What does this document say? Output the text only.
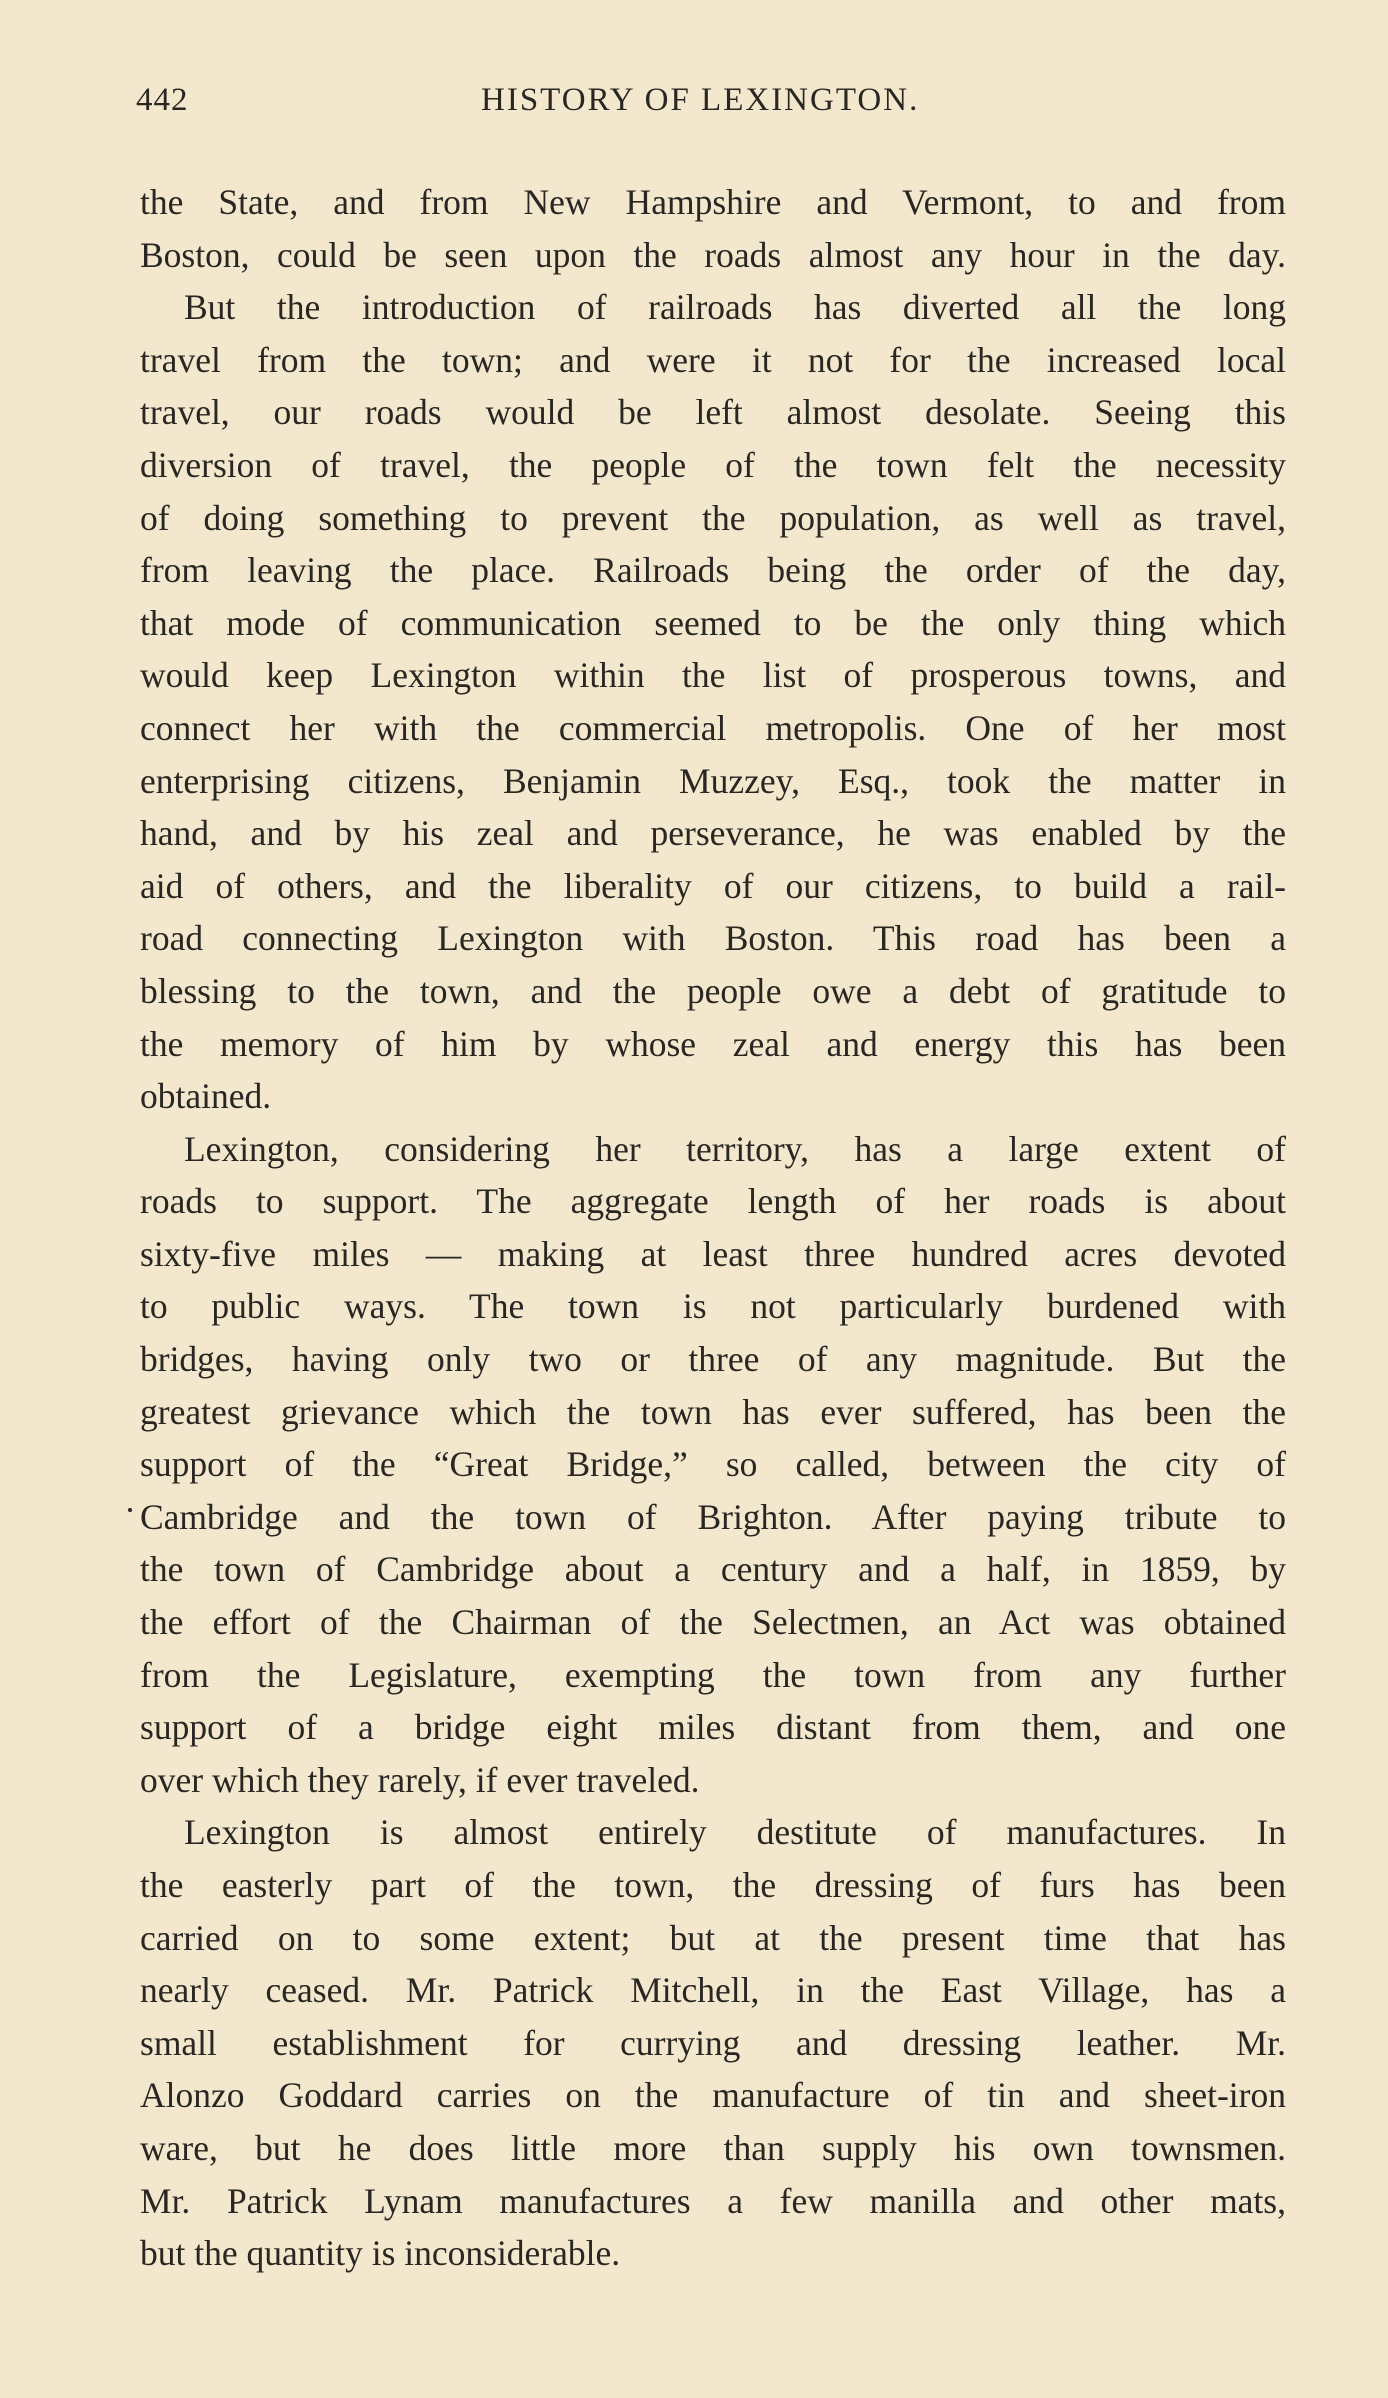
442	HISTORY OF LEXINGTON.
the State, and from New Hampshire and Vermont, to and from
Boston, could be seen upon the roads almost any hour in the day.
But the introduction of railroads has diverted all the long
travel from the town; and were it not for the increased local
travel, our roads would be left almost desolate. Seeing this
diversion of travel, the people of the town felt the necessity
of doing something to prevent the population, as well as travel,
from leaving the place. Railroads being the order of the day,
that mode of communication seemed to be the only thing which
would keep Lexington within the list of prosperous towns, and
connect her with the commercial metropolis. One of her most
enterprising citizens, Benjamin Muzzey, Esq., took the matter in
hand, and by his zeal and perseverance, he was enabled by the
aid of others, and the liberality of our citizens, to build a rail-
road connecting Lexington with Boston. This road has been a
blessing to the town, and the people owe a debt of gratitude to
the memory of him by whose zeal and energy this has been
obtained.
Lexington, considering her territory, has a large extent of
roads to support. The aggregate length of her roads is about
sixty-five miles — making at least three hundred acres devoted
to public ways. The town is not particularly burdened with
bridges, having only two or three of any magnitude. But the
greatest grievance which the town has ever suffered, has been the
support of the “Great Bridge,” so called, between the city of
Cambridge and the town of Brighton. After paying tribute to
the town of Cambridge about a century and a half, in 1859, by
the effort of the Chairman of the Selectmen, an Act was obtained
from the Legislature, exempting the town from any further
support of a bridge eight miles distant from them, and one
over which they rarely, if ever traveled.
Lexington is almost entirely destitute of manufactures. In
the easterly part of the town, the dressing of furs has been
carried on to some extent; but at the present time that has
nearly ceased. Mr. Patrick Mitchell, in the East Village, has a
small establishment for currying and dressing leather. Mr.
Alonzo Goddard carries on the manufacture of tin and sheet-iron
ware, but he does little more than supply his own townsmen.
Mr. Patrick Lynam manufactures a few manilla and other mats,
but the quantity is inconsiderable.
